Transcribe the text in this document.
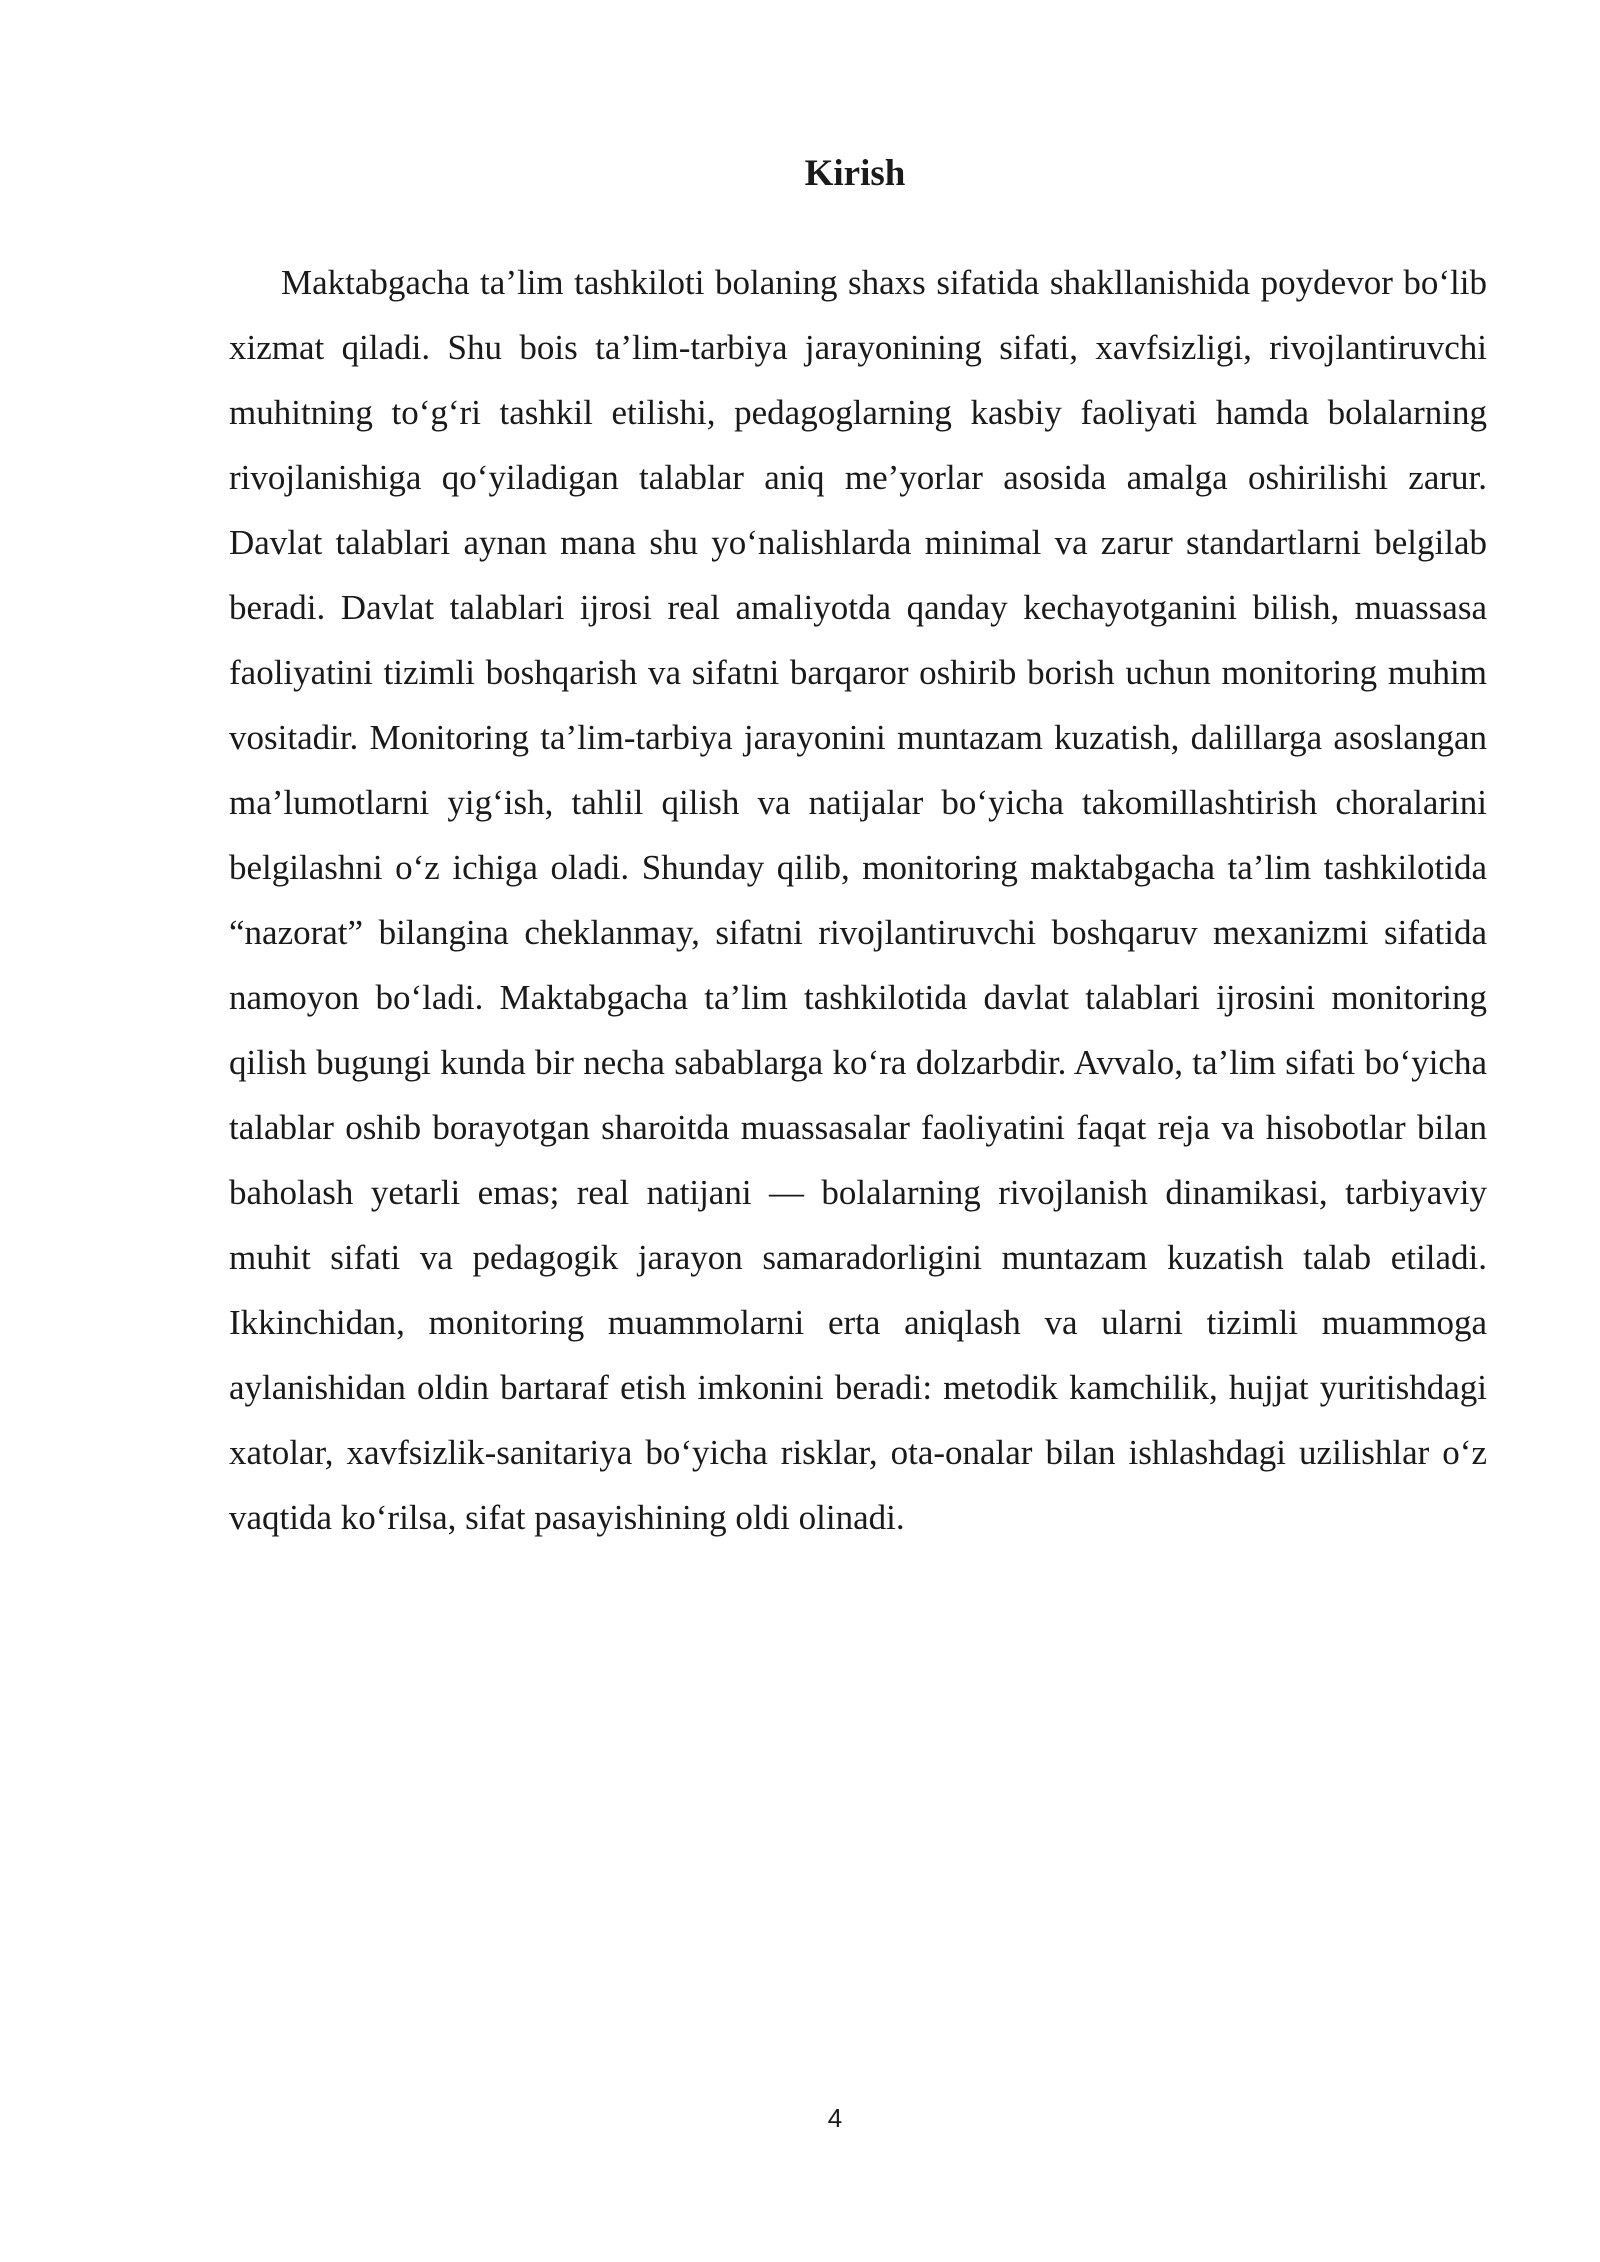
Kirish

Maktabgacha ta’lim tashkiloti bolaning shaxs sifatida shakllanishida poydevor bo‘lib xizmat qiladi. Shu bois ta’lim-tarbiya jarayonining sifati, xavfsizligi, rivojlantiruvchi muhitning to‘g‘ri tashkil etilishi, pedagoglarning kasbiy faoliyati hamda bolalarning rivojlanishiga qo‘yiladigan talablar aniq me’yorlar asosida amalga oshirilishi zarur. Davlat talablari aynan mana shu yo‘nalishlarda minimal va zarur standartlarni belgilab beradi. Davlat talablari ijrosi real amaliyotda qanday kechayotganini bilish, muassasa faoliyatini tizimli boshqarish va sifatni barqaror oshirib borish uchun monitoring muhim vositadir. Monitoring ta’lim-tarbiya jarayonini muntazam kuzatish, dalillarga asoslangan ma’lumotlarni yig‘ish, tahlil qilish va natijalar bo‘yicha takomillashtirish choralarini belgilashni o‘z ichiga oladi. Shunday qilib, monitoring maktabgacha ta’lim tashkilotida “nazorat” bilangina cheklanmay, sifatni rivojlantiruvchi boshqaruv mexanizmi sifatida namoyon bo‘ladi. Maktabgacha ta’lim tashkilotida davlat talablari ijrosini monitoring qilish bugungi kunda bir necha sabablarga ko‘ra dolzarbdir. Avvalo, ta’lim sifati bo‘yicha talablar oshib borayotgan sharoitda muassasalar faoliyatini faqat reja va hisobotlar bilan baholash yetarli emas; real natijani — bolalarning rivojlanish dinamikasi, tarbiyaviy muhit sifati va pedagogik jarayon samaradorligini muntazam kuzatish talab etiladi. Ikkinchidan, monitoring muammolarni erta aniqlash va ularni tizimli muammoga aylanishidan oldin bartaraf etish imkonini beradi: metodik kamchilik, hujjat yuritishdagi xatolar, xavfsizlik-sanitariya bo‘yicha risklar, ota-onalar bilan ishlashdagi uzilishlar o‘z vaqtida ko‘rilsa, sifat pasayishining oldi olinadi.

4
